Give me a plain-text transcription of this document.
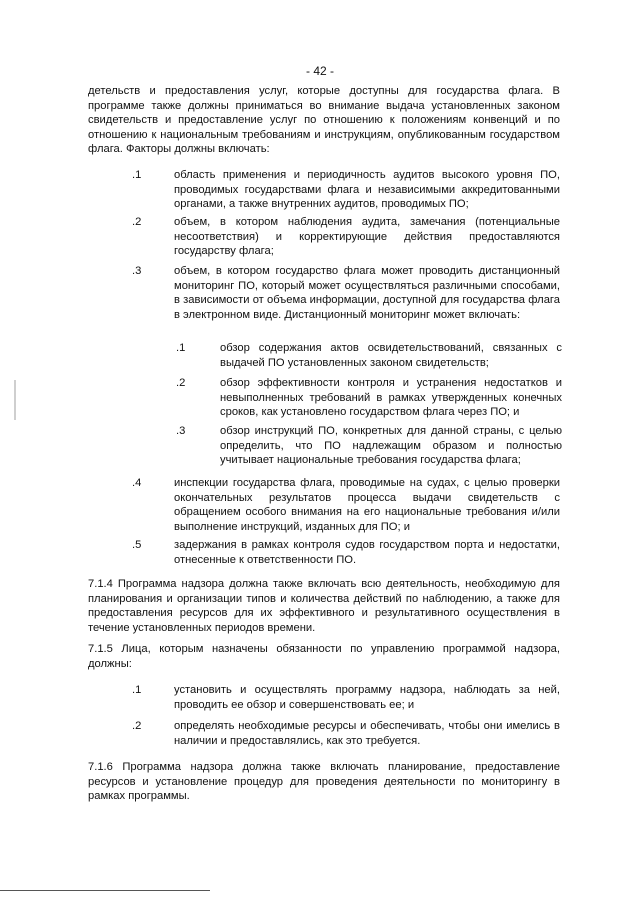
- 42 -

детельств и предоставления услуг, которые доступны для государства флага. В программе также должны приниматься во внимание выдача установленных законом свидетельств и предоставление услуг по отношению к положениям конвенций и по отношению к национальным требованиям и инструкциям, опубликованным государством флага. Факторы должны включать:

.1	область применения и периодичность аудитов высокого уровня ПО, проводимых государствами флага и независимыми аккредитованными органами, а также внутренних аудитов, проводимых ПО;
.2	объем, в котором наблюдения аудита, замечания (потенциальные несоответствия) и корректирующие действия предоставляются государству флага;
.3	объем, в котором государство флага может проводить дистанционный мониторинг ПО, который может осуществляться различными способами, в зависимости от объема информации, доступной для государства флага в электронном виде. Дистанционный мониторинг может включать:
.1	обзор содержания актов освидетельствований, связанных с выдачей ПО установленных законом свидетельств;
.2	обзор эффективности контроля и устранения недостатков и невыполненных требований в рамках утвержденных конечных сроков, как установлено государством флага через ПО; и
.3	обзор инструкций ПО, конкретных для данной страны, с целью определить, что ПО надлежащим образом и полностью учитывает национальные требования государства флага;
.4	инспекции государства флага, проводимые на судах, с целью проверки окончательных результатов процесса выдачи свидетельств с обращением особого внимания на его национальные требования и/или выполнение инструкций, изданных для ПО; и
.5	задержания в рамках контроля судов государством порта и недостатки, отнесенные к ответственности ПО.

7.1.4 Программа надзора должна также включать всю деятельность, необходимую для планирования и организации типов и количества действий по наблюдению, а также для предоставления ресурсов для их эффективного и результативного осуществления в течение установленных периодов времени.

7.1.5 Лица, которым назначены обязанности по управлению программой надзора, должны:

.1	установить и осуществлять программу надзора, наблюдать за ней, проводить ее обзор и совершенствовать ее; и
.2	определять необходимые ресурсы и обеспечивать, чтобы они имелись в наличии и предоставлялись, как это требуется.

7.1.6 Программа надзора должна также включать планирование, предоставление ресурсов и установление процедур для проведения деятельности по мониторингу в рамках программы.
